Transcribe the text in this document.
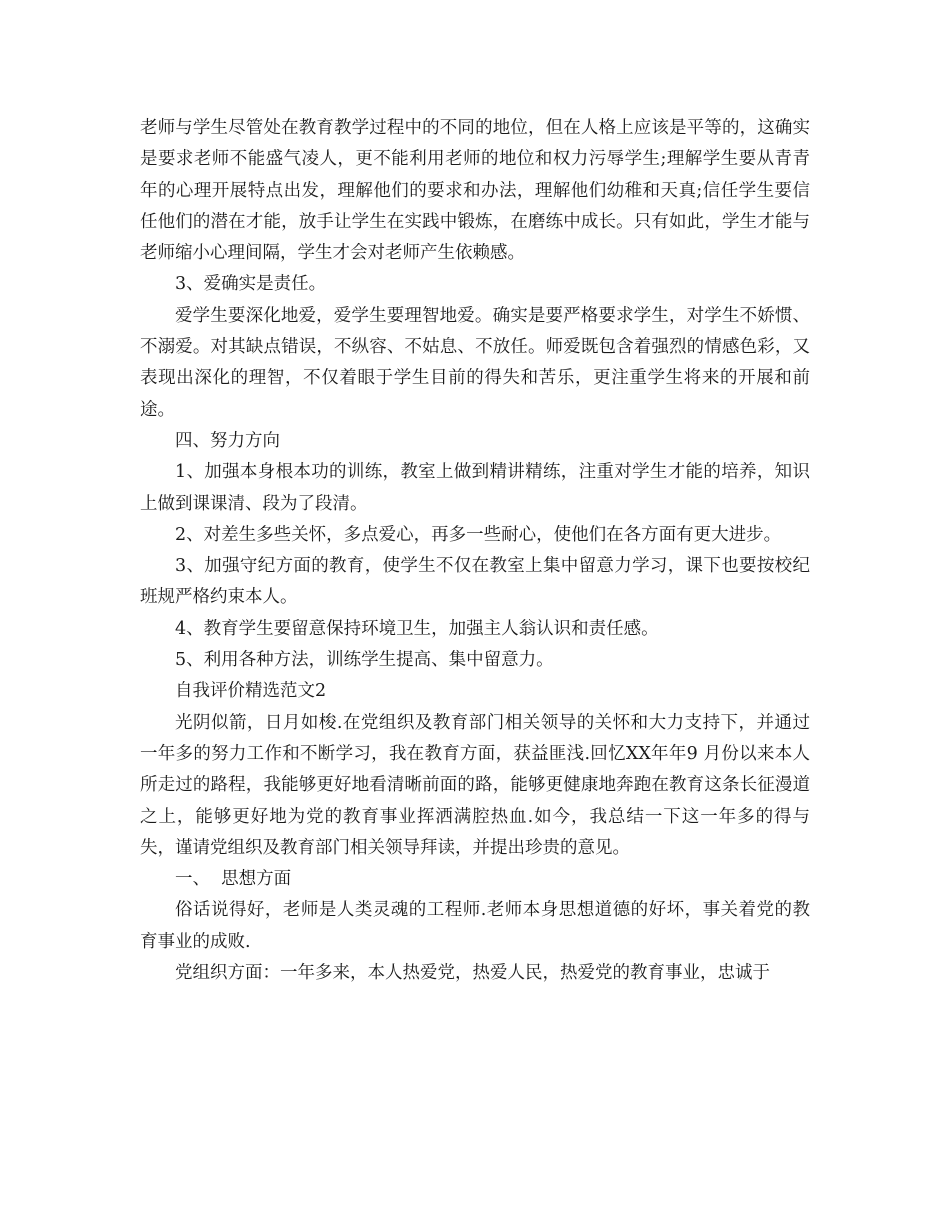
老师与学生尽管处在教育教学过程中的不同的地位，但在人格上应该是平等的，这确实是要求老师不能盛气凌人，更不能利用老师的地位和权力污辱学生;理解学生要从青青年的心理开展特点出发，理解他们的要求和办法，理解他们幼稚和天真;信任学生要信任他们的潜在才能，放手让学生在实践中锻炼，在磨练中成长。只有如此，学生才能与老师缩小心理间隔，学生才会对老师产生依赖感。

3、爱确实是责任。

爱学生要深化地爱，爱学生要理智地爱。确实是要严格要求学生，对学生不娇惯、不溺爱。对其缺点错误，不纵容、不姑息、不放任。师爱既包含着强烈的情感色彩，又表现出深化的理智，不仅着眼于学生目前的得失和苦乐，更注重学生将来的开展和前途。

四、努力方向

1、加强本身根本功的训练，教室上做到精讲精练，注重对学生才能的培养，知识上做到课课清、段为了段清。

2、对差生多些关怀，多点爱心，再多一些耐心，使他们在各方面有更大进步。

3、加强守纪方面的教育，使学生不仅在教室上集中留意力学习，课下也要按校纪班规严格约束本人。

4、教育学生要留意保持环境卫生，加强主人翁认识和责任感。

5、利用各种方法，训练学生提高、集中留意力。

自我评价精选范文2

光阴似箭，日月如梭.在党组织及教育部门相关领导的关怀和大力支持下，并通过一年多的努力工作和不断学习，我在教育方面，获益匪浅.回忆XX年年9 月份以来本人所走过的路程，我能够更好地看清晰前面的路，能够更健康地奔跑在教育这条长征漫道之上，能够更好地为党的教育事业挥洒满腔热血.如今，我总结一下这一年多的得与失，谨请党组织及教育部门相关领导拜读，并提出珍贵的意见。

一、  思想方面

俗话说得好，老师是人类灵魂的工程师.老师本身思想道德的好坏，事关着党的教育事业的成败.

党组织方面：一年多来，本人热爱党，热爱人民，热爱党的教育事业，忠诚于
